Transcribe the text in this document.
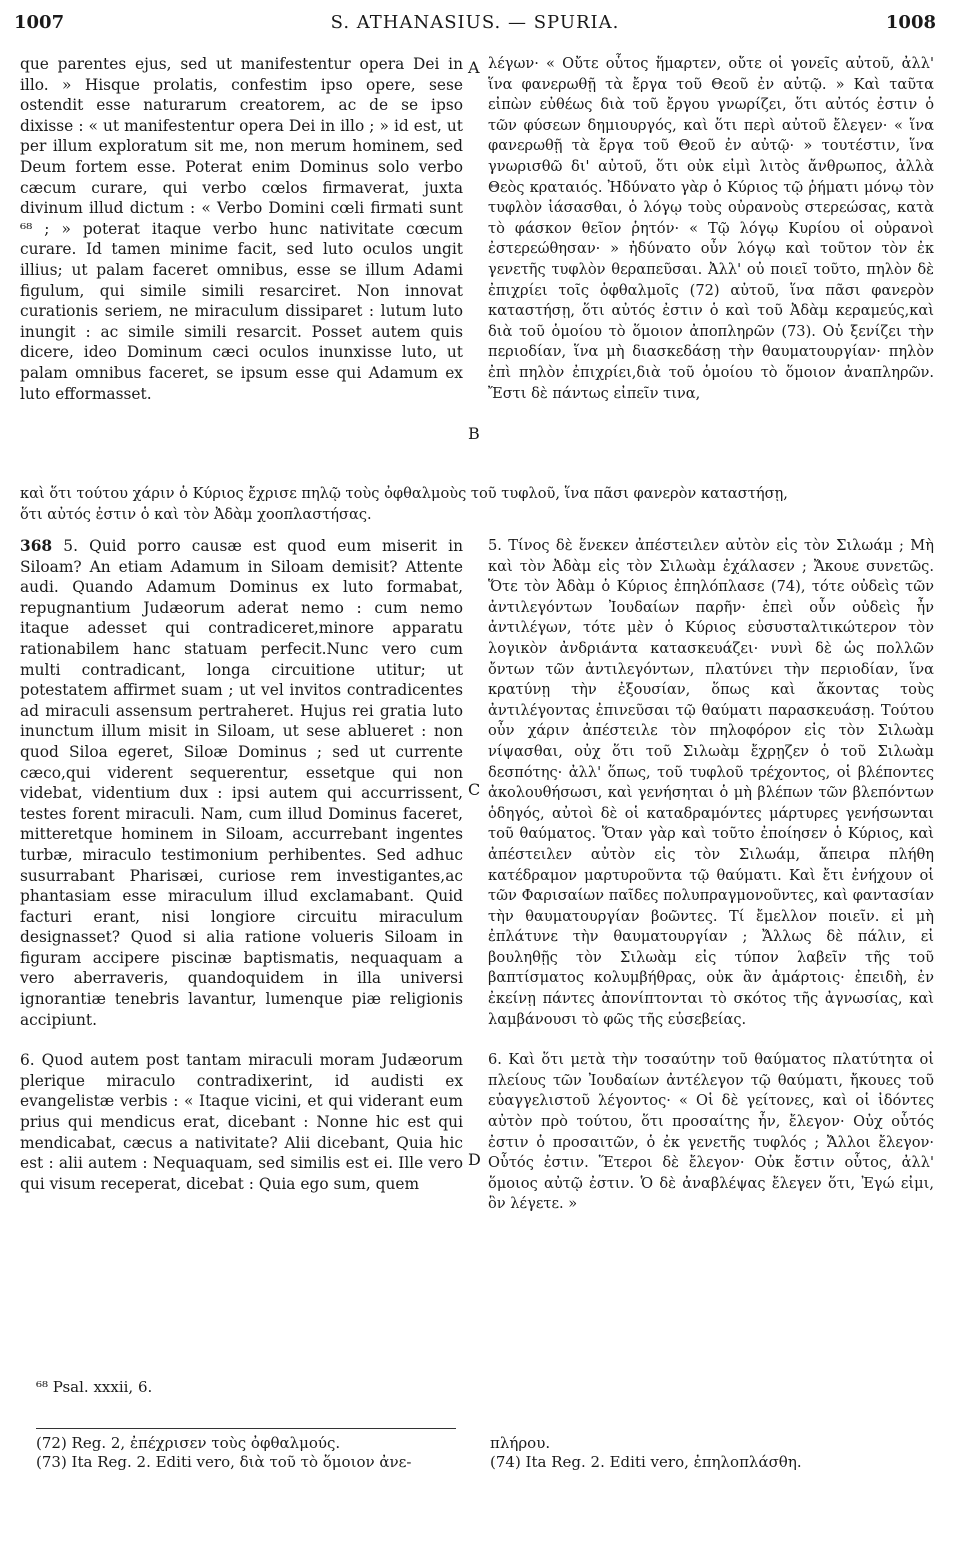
1007	S. ATHANASIUS. — SPURIA.	1008

que parentes ejus, sed ut manifestentur opera Dei in illo. » Hisque prolatis, confestim ipso opere, sese ostendit esse naturarum creatorem, ac de se ipso dixisse : « ut manifestentur opera Dei in illo ; » id est, ut per illum exploratum sit me, non merum hominem, sed Deum fortem esse. Poterat enim Dominus solo verbo cæcum curare, qui verbo cœlos firmaverat, juxta divinum illud dictum : « Verbo Domini cœli firmati sunt ⁶⁸ ; » poterat itaque verbo hunc nativitate cœcum curare. Id tamen minime facit, sed luto oculos ungit illius; ut palam faceret omnibus, esse se illum Adami figulum, qui simile simili resarciret. Non innovat curationis seriem, ne miraculum dissiparet : lutum luto inungit : ac simile simili resarcit. Posset autem quis dicere, ideo Dominum cæci oculos inunxisse luto, ut palam omnibus faceret, se ipsum esse qui Adamum ex luto efformasset.

λέγων· « Οὔτε οὗτος ἥμαρτεν, οὔτε οἱ γονεῖς αὐτοῦ, ἀλλ' ἵνα φανερωθῇ τὰ ἔργα τοῦ Θεοῦ ἐν αὐτῷ. » Καὶ ταῦτα εἰπὼν εὐθέως διὰ τοῦ ἔργου γνωρίζει, ὅτι αὐτός ἐστιν ὁ τῶν φύσεων δημιουργός, καὶ ὅτι περὶ αὐτοῦ ἔλεγεν· « ἵνα φανερωθῇ τὰ ἔργα τοῦ Θεοῦ ἐν αὐτῷ· » τουτέστιν, ἵνα γνωρισθῶ δι' αὐτοῦ, ὅτι οὐκ εἰμὶ λιτὸς ἄνθρωπος, ἀλλὰ Θεὸς κραταιός. Ἠδύνατο γὰρ ὁ Κύριος τῷ ῥήματι μόνῳ τὸν τυφλὸν ἰάσασθαι, ὁ λόγῳ τοὺς οὐρανοὺς στερεώσας, κατὰ τὸ φάσκον θεῖον ῥητόν· « Τῷ λόγῳ Κυρίου οἱ οὐρανοὶ ἐστερεώθησαν· » ἠδύνατο οὖν λόγῳ καὶ τοῦτον τὸν ἐκ γενετῆς τυφλὸν θεραπεῦσαι. Ἀλλ' οὐ ποιεῖ τοῦτο, πηλὸν δὲ ἐπιχρίει τοῖς ὀφθαλμοῖς (72) αὐτοῦ, ἵνα πᾶσι φανερὸν καταστήσῃ, ὅτι αὐτός ἐστιν ὁ καὶ τοῦ Ἀδὰμ κεραμεύς,καὶ διὰ τοῦ ὁμοίου τὸ ὅμοιον ἀποπληρῶν (73). Οὐ ξενίζει τὴν περιοδίαν, ἵνα μὴ διασκεδάσῃ τὴν θαυματουργίαν· πηλὸν ἐπὶ πηλὸν ἐπιχρίει,διὰ τοῦ ὁμοίου τὸ ὅμοιον ἀναπληρῶν. Ἔστι δὲ πάντως εἰπεῖν τινα,

καὶ ὅτι τούτου χάριν ὁ Κύριος ἔχρισε πηλῷ τοὺς ὀφθαλμοὺς τοῦ τυφλοῦ, ἵνα πᾶσι φανερὸν καταστήσῃ,
ὅτι αὐτός ἐστιν ὁ καὶ τὸν Ἀδὰμ χοοπλαστήσας.

368 5. Quid porro causæ est quod eum miserit in Siloam? An etiam Adamum in Siloam demisit? Attente audi. Quando Adamum Dominus ex luto formabat, repugnantium Judæorum aderat nemo : cum nemo itaque adesset qui contradiceret,minore apparatu rationabilem hanc statuam perfecit.Nunc vero cum multi contradicant, longa circuitione utitur; ut potestatem affirmet suam ; ut vel invitos contradicentes ad miraculi assensum pertraheret. Hujus rei gratia luto inunctum illum misit in Siloam, ut sese ablueret : non quod Siloa egeret, Siloæ Dominus ; sed ut currente cæco,qui viderent sequerentur, essetque qui non videbat, videntium dux : ipsi autem qui accurrissent, testes forent miraculi. Nam, cum illud Dominus faceret, mitteretque hominem in Siloam, accurrebant ingentes turbæ, miraculo testimonium perhibentes. Sed adhuc susurrabant Pharisæi, curiose rem investigantes,ac phantasiam esse miraculum illud exclamabant. Quid facturi erant, nisi longiore circuitu miraculum designasset? Quod si alia ratione volueris Siloam in figuram accipere piscinæ baptismatis, nequaquam a vero aberraveris, quandoquidem in illa universi ignorantiæ tenebris lavantur, lumenque piæ religionis accipiunt.

6. Quod autem post tantam miraculi moram Judæorum plerique miraculo contradixerint, id audisti ex evangelistæ verbis : « Itaque vicini, et qui viderant eum prius qui mendicus erat, dicebant : Nonne hic est qui mendicabat, cæcus a nativitate? Alii dicebant, Quia hic est : alii autem : Nequaquam, sed similis est ei. Ille vero qui visum receperat, dicebat : Quia ego sum, quem

5. Τίνος δὲ ἕνεκεν ἀπέστειλεν αὐτὸν εἰς τὸν Σιλωάμ ; Μὴ καὶ τὸν Ἀδὰμ εἰς τὸν Σιλωὰμ ἐχάλασεν ; Ἄκουε συνετῶς. Ὅτε τὸν Ἀδὰμ ὁ Κύριος ἐπηλόπλασε (74), τότε οὐδεὶς τῶν ἀντιλεγόντων Ἰουδαίων παρῆν· ἐπεὶ οὖν οὐδεὶς ἦν ἀντιλέγων, τότε μὲν ὁ Κύριος εὐσυσταλτικώτερον τὸν λογικὸν ἀνδριάντα κατασκευάζει· νυνὶ δὲ ὡς πολλῶν ὄντων τῶν ἀντιλεγόντων, πλατύνει τὴν περιοδίαν, ἵνα κρατύνῃ τὴν ἐξουσίαν, ὅπως καὶ ἄκοντας τοὺς ἀντιλέγοντας ἐπινεῦσαι τῷ θαύματι παρασκευάσῃ. Τούτου οὖν χάριν ἀπέστειλε τὸν πηλοφόρον εἰς τὸν Σιλωὰμ νίψασθαι, οὐχ ὅτι τοῦ Σιλωὰμ ἔχρῃζεν ὁ τοῦ Σιλωὰμ δεσπότης· ἀλλ' ὅπως, τοῦ τυφλοῦ τρέχοντος, οἱ βλέποντες ἀκολουθήσωσι, καὶ γενήσηται ὁ μὴ βλέπων τῶν βλεπόντων ὁδηγός, αὐτοὶ δὲ οἱ καταδραμόντες μάρτυρες γενήσωνται τοῦ θαύματος. Ὅταν γὰρ καὶ τοῦτο ἐποίησεν ὁ Κύριος, καὶ ἀπέστειλεν αὐτὸν εἰς τὸν Σιλωάμ, ἄπειρα πλήθη κατέδραμον μαρτυροῦντα τῷ θαύματι. Καὶ ἔτι ἐνήχουν οἱ τῶν Φαρισαίων παῖδες πολυπραγμονοῦντες, καὶ φαντασίαν τὴν θαυματουργίαν βοῶντες. Τί ἔμελλον ποιεῖν. εἰ μὴ ἐπλάτυνε τὴν θαυματουργίαν ; Ἄλλως δὲ πάλιν, εἰ βουληθῇς τὸν Σιλωὰμ εἰς τύπον λαβεῖν τῆς τοῦ βαπτίσματος κολυμβήθρας, οὐκ ἂν ἁμάρτοις· ἐπειδὴ, ἐν ἐκείνῃ πάντες ἀπονίπτονται τὸ σκότος τῆς ἀγνωσίας, καὶ λαμβάνουσι τὸ φῶς τῆς εὐσεβείας.

6. Καὶ ὅτι μετὰ τὴν τοσαύτην τοῦ θαύματος πλατύτητα οἱ πλείους τῶν Ἰουδαίων ἀντέλεγον τῷ θαύματι, ἤκουες τοῦ εὐαγγελιστοῦ λέγοντος· « Οἱ δὲ γείτονες, καὶ οἱ ἰδόντες αὐτὸν πρὸ τούτου, ὅτι προσαίτης ἦν, ἔλεγον· Οὐχ οὗτός ἐστιν ὁ προσαιτῶν, ὁ ἐκ γενετῆς τυφλός ; Ἄλλοι ἔλεγον· Οὗτός ἐστιν. Ἕτεροι δὲ ἔλεγον· Οὐκ ἔστιν οὗτος, ἀλλ' ὅμοιος αὐτῷ ἐστιν. Ὁ δὲ ἀναβλέψας ἔλεγεν ὅτι, Ἐγώ εἰμι, ὃν λέγετε. »

A
B
C
D
⁶⁸ Psal. xxxii, 6.
(72) Reg. 2, ἐπέχρισεν τοὺς ὀφθαλμούς.
(73) Ita Reg. 2. Editi vero, διὰ τοῦ τὸ ὅμοιον ἀνε-
πλήρου.
(74) Ita Reg. 2. Editi vero, ἐπηλοπλάσθη.
